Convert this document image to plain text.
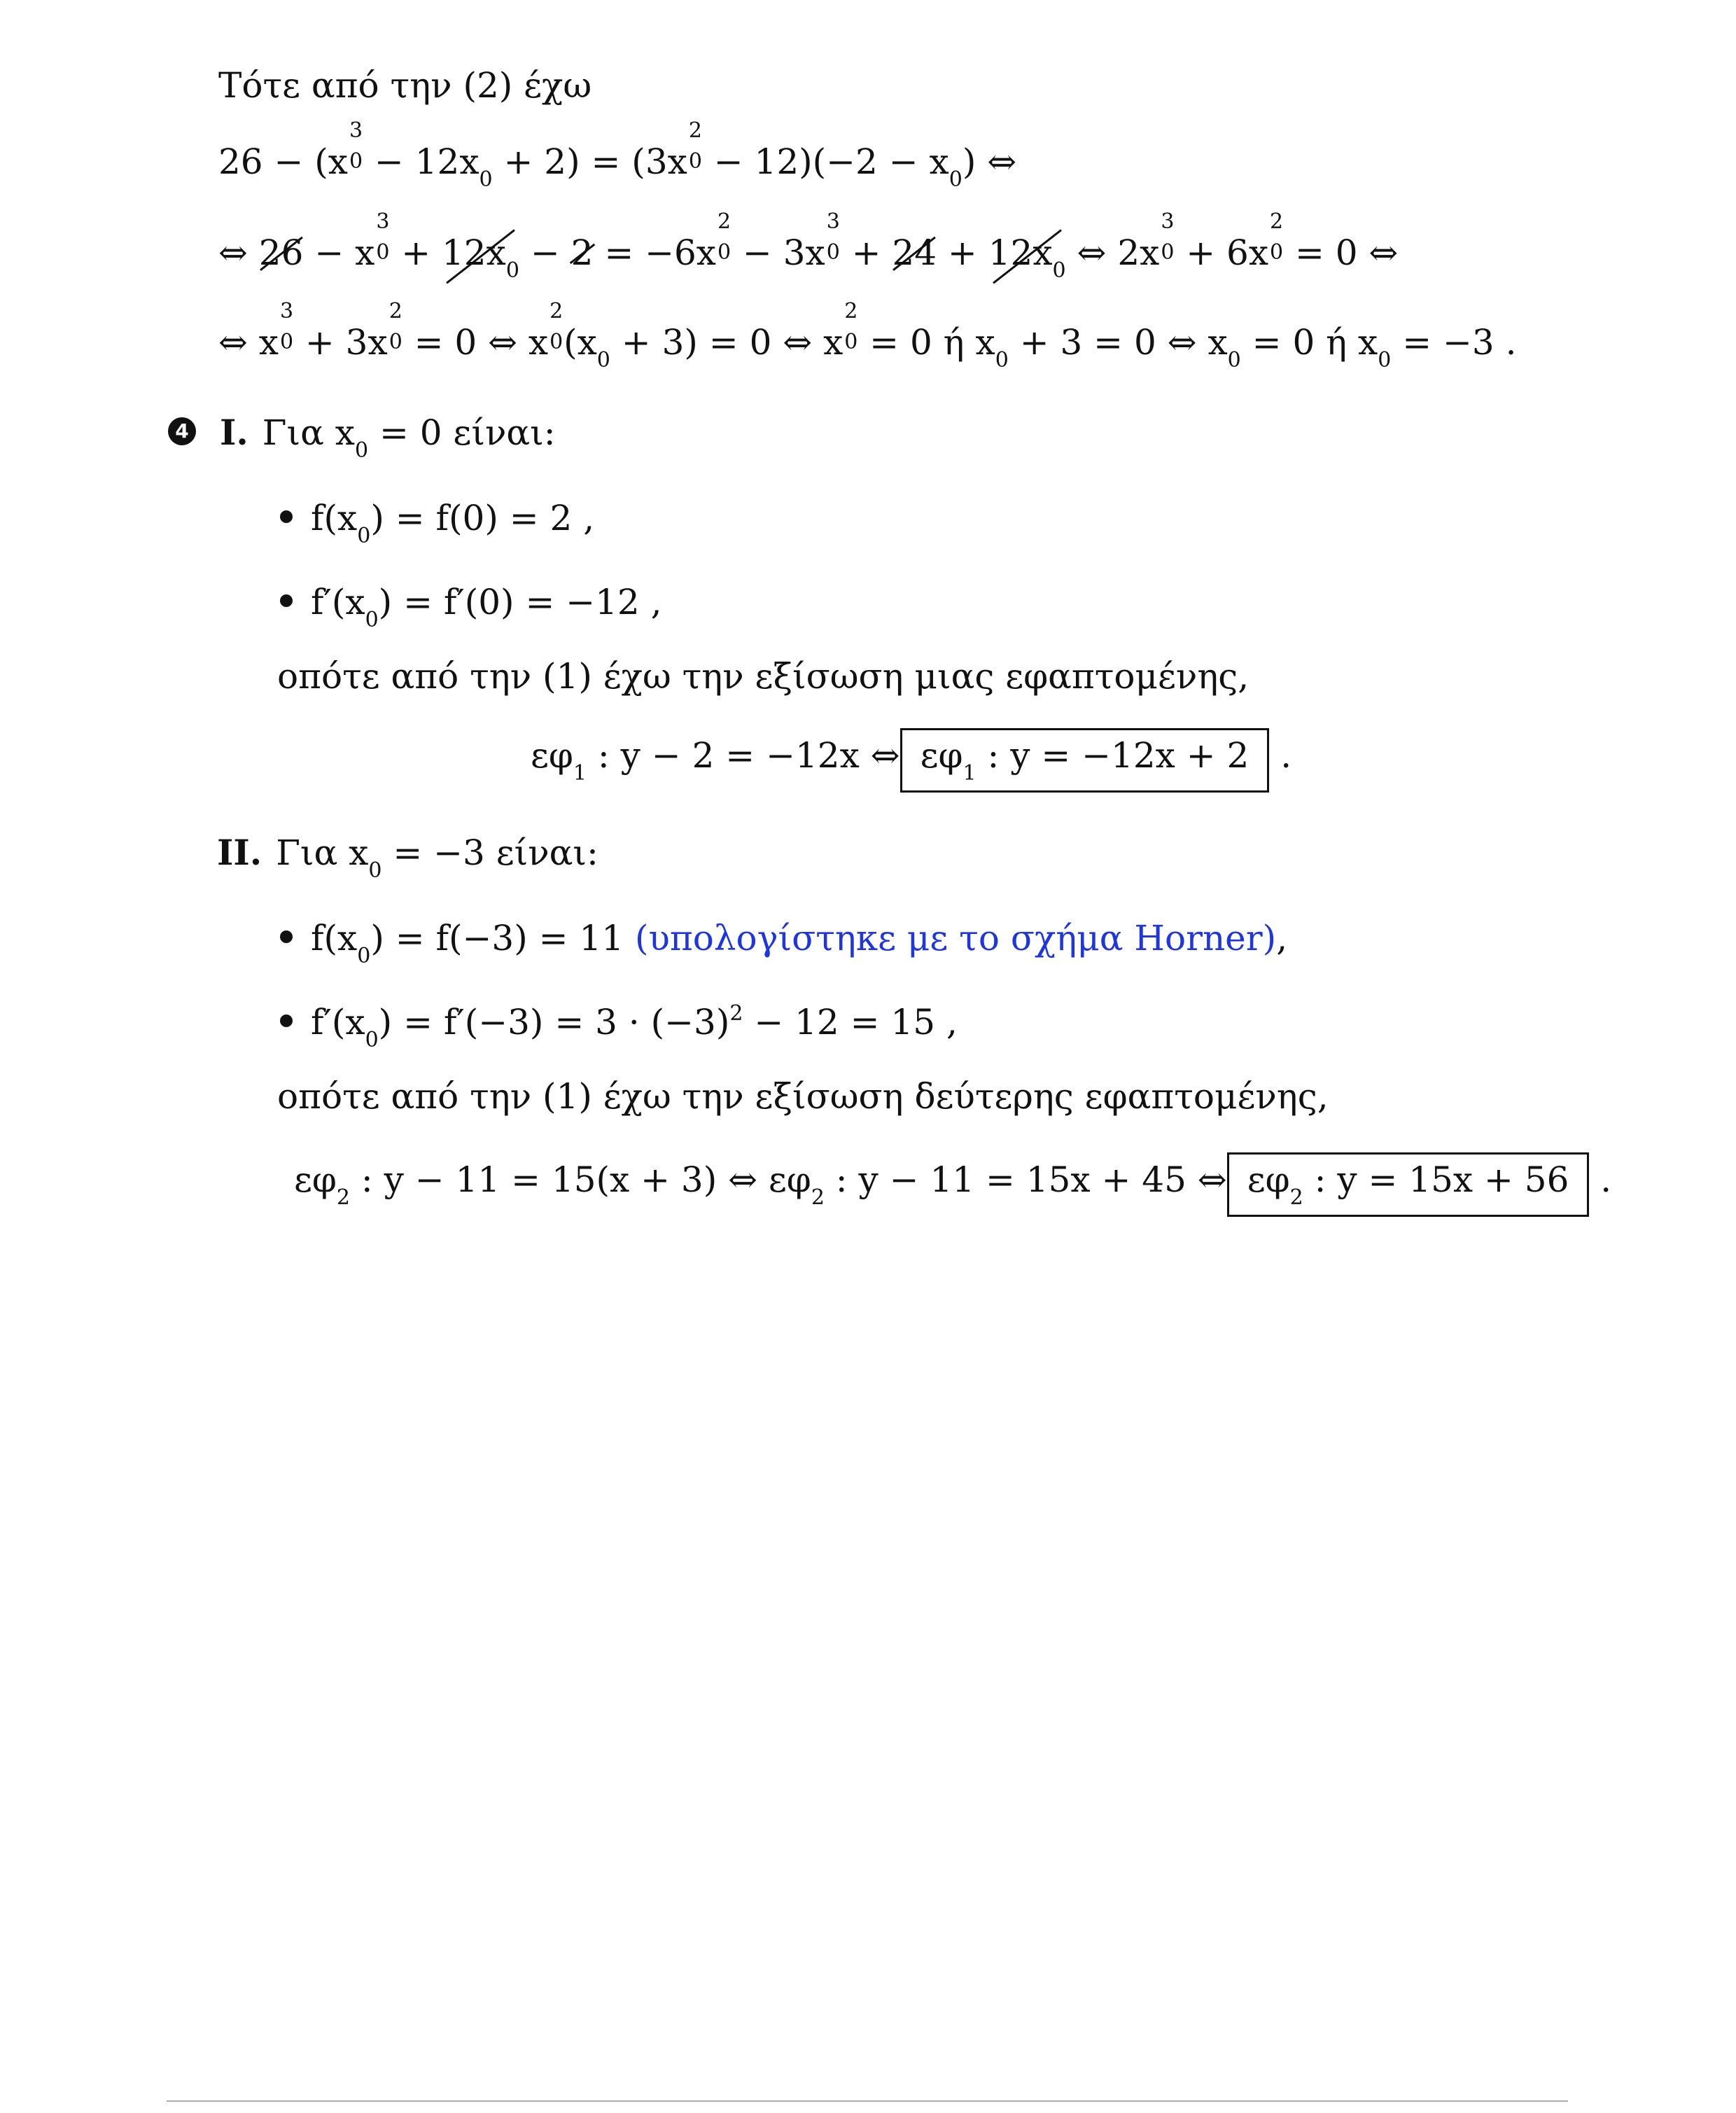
Τότε από την (2) έχω
26 − (x
3
$0 - 12x_0 + 2) = (3x$
2
$0 - 12)(-2 - x_0)$ ⇔
⇔ 26 − x
3
$0 + 12x_0 - 2 = -6x$
2
0 − 3x
3
$0 + 24 + 12x_0$ ⇔ 2x
3
0 + 6x
2
0 = 0 ⇔
⇔ x
3
0 + 3x
2
0 = 0 ⇔ x
2
0 $(x_0 + 3) = 0$ ⇔ x
2
0 = 0 ή $x_0 + 3 = 0$ ⇔ $x_0 = 0$ ή $x_0 = -3$ .
4 I. Για $x_0 = 0$ είναι:
$f(x_0) = f(0) = 2$ ,
$f'(x_0) = f'(0) = -12$ ,
οπότε από την (1) έχω την εξίσωση μιας εφαπτομένης,
$\varepsilon\varphi_1$ : y − 2 = −12x ⇔ $\varepsilon\varphi_1$ : y = −12x + 2 .
II. Για $x_0 = -3$ είναι:
$f(x_0) = f(-3) = 11$ (υπολογίστηκε με το σχήμα Horner),
$f'(x_0) = f'(-3) = 3 \cdot (-3)^2 - 12 = 15$ ,
οπότε από την (1) έχω την εξίσωση δεύτερης εφαπτομένης,
$\varepsilon\varphi_2$ : y − 11 = 15(x + 3) ⇔ $\varepsilon\varphi_2$ : y − 11 = 15x + 45 ⇔ $\varepsilon\varphi_2$ : y = 15x + 56 .
